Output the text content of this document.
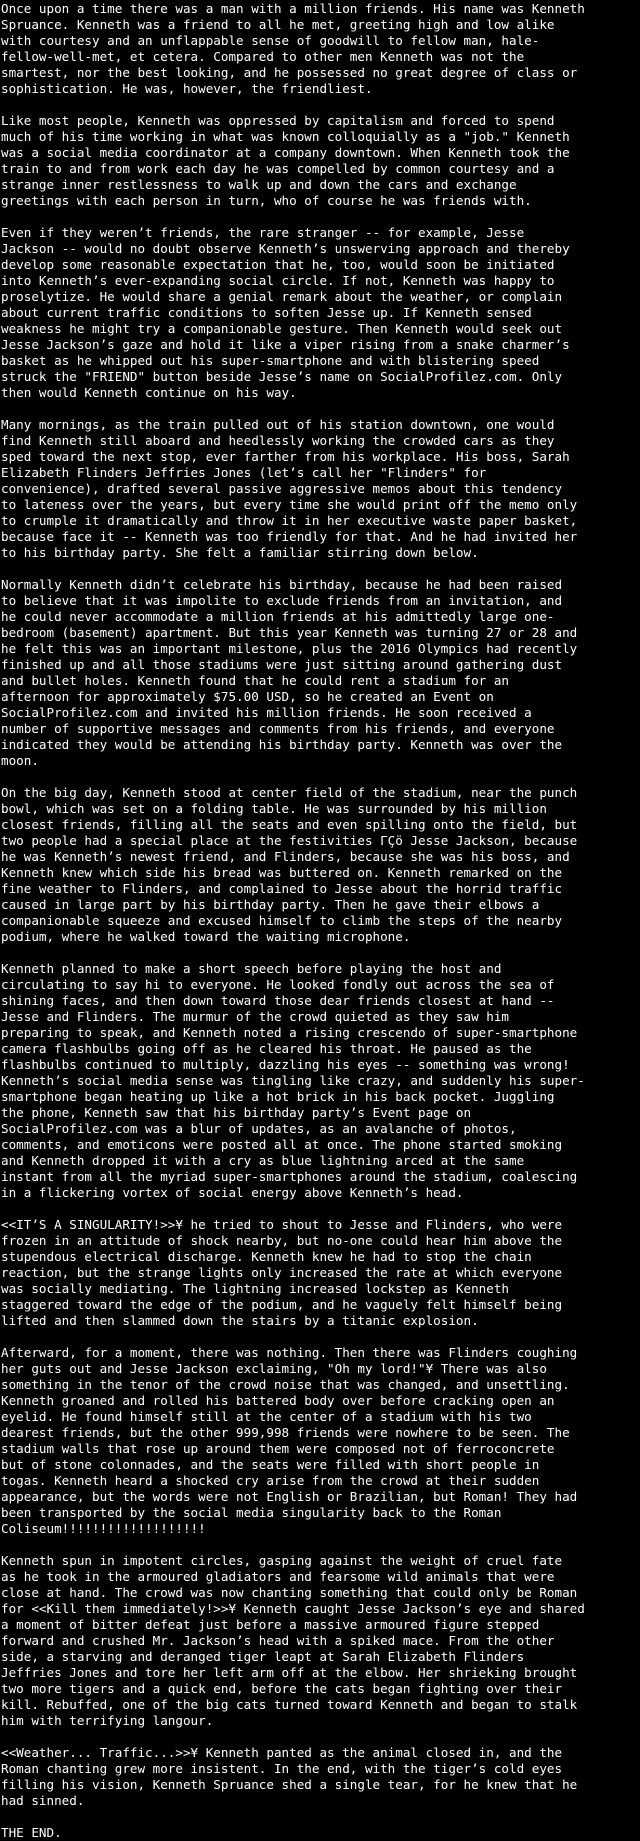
Once upon a time there was a man with a million friends. His name was Kenneth
Spruance. Kenneth was a friend to all he met, greeting high and low alike
with courtesy and an unflappable sense of goodwill to fellow man, hale-
fellow-well-met, et cetera. Compared to other men Kenneth was not the
smartest, nor the best looking, and he possessed no great degree of class or
sophistication. He was, however, the friendliest.

Like most people, Kenneth was oppressed by capitalism and forced to spend
much of his time working in what was known colloquially as a "job." Kenneth
was a social media coordinator at a company downtown. When Kenneth took the
train to and from work each day he was compelled by common courtesy and a
strange inner restlessness to walk up and down the cars and exchange
greetings with each person in turn, who of course he was friends with.

Even if they weren’t friends, the rare stranger -- for example, Jesse
Jackson -- would no doubt observe Kenneth’s unswerving approach and thereby
develop some reasonable expectation that he, too, would soon be initiated
into Kenneth’s ever-expanding social circle. If not, Kenneth was happy to
proselytize. He would share a genial remark about the weather, or complain
about current traffic conditions to soften Jesse up. If Kenneth sensed
weakness he might try a companionable gesture. Then Kenneth would seek out
Jesse Jackson’s gaze and hold it like a viper rising from a snake charmer’s
basket as he whipped out his super-smartphone and with blistering speed
struck the "FRIEND" button beside Jesse’s name on SocialProfilez.com. Only
then would Kenneth continue on his way.

Many mornings, as the train pulled out of his station downtown, one would
find Kenneth still aboard and heedlessly working the crowded cars as they
sped toward the next stop, ever farther from his workplace. His boss, Sarah
Elizabeth Flinders Jeffries Jones (let’s call her "Flinders" for
convenience), drafted several passive aggressive memos about this tendency
to lateness over the years, but every time she would print off the memo only
to crumple it dramatically and throw it in her executive waste paper basket,
because face it -- Kenneth was too friendly for that. And he had invited her
to his birthday party. She felt a familiar stirring down below.

Normally Kenneth didn’t celebrate his birthday, because he had been raised
to believe that it was impolite to exclude friends from an invitation, and
he could never accommodate a million friends at his admittedly large one-
bedroom (basement) apartment. But this year Kenneth was turning 27 or 28 and
he felt this was an important milestone, plus the 2016 Olympics had recently
finished up and all those stadiums were just sitting around gathering dust
and bullet holes. Kenneth found that he could rent a stadium for an
afternoon for approximately $75.00 USD, so he created an Event on
SocialProfilez.com and invited his million friends. He soon received a
number of supportive messages and comments from his friends, and everyone
indicated they would be attending his birthday party. Kenneth was over the
moon.

On the big day, Kenneth stood at center field of the stadium, near the punch
bowl, which was set on a folding table. He was surrounded by his million
closest friends, filling all the seats and even spilling onto the field, but
two people had a special place at the festivities ΓÇö Jesse Jackson, because
he was Kenneth’s newest friend, and Flinders, because she was his boss, and
Kenneth knew which side his bread was buttered on. Kenneth remarked on the
fine weather to Flinders, and complained to Jesse about the horrid traffic
caused in large part by his birthday party. Then he gave their elbows a
companionable squeeze and excused himself to climb the steps of the nearby
podium, where he walked toward the waiting microphone.

Kenneth planned to make a short speech before playing the host and
circulating to say hi to everyone. He looked fondly out across the sea of
shining faces, and then down toward those dear friends closest at hand --
Jesse and Flinders. The murmur of the crowd quieted as they saw him
preparing to speak, and Kenneth noted a rising crescendo of super-smartphone
camera flashbulbs going off as he cleared his throat. He paused as the
flashbulbs continued to multiply, dazzling his eyes -- something was wrong!
Kenneth’s social media sense was tingling like crazy, and suddenly his super-
smartphone began heating up like a hot brick in his back pocket. Juggling
the phone, Kenneth saw that his birthday party’s Event page on
SocialProfilez.com was a blur of updates, as an avalanche of photos,
comments, and emoticons were posted all at once. The phone started smoking
and Kenneth dropped it with a cry as blue lightning arced at the same
instant from all the myriad super-smartphones around the stadium, coalescing
in a flickering vortex of social energy above Kenneth’s head.

<<IT’S A SINGULARITY!>>¥ he tried to shout to Jesse and Flinders, who were
frozen in an attitude of shock nearby, but no-one could hear him above the
stupendous electrical discharge. Kenneth knew he had to stop the chain
reaction, but the strange lights only increased the rate at which everyone
was socially mediating. The lightning increased lockstep as Kenneth
staggered toward the edge of the podium, and he vaguely felt himself being
lifted and then slammed down the stairs by a titanic explosion.

Afterward, for a moment, there was nothing. Then there was Flinders coughing
her guts out and Jesse Jackson exclaiming, "Oh my lord!"¥ There was also
something in the tenor of the crowd noise that was changed, and unsettling.
Kenneth groaned and rolled his battered body over before cracking open an
eyelid. He found himself still at the center of a stadium with his two
dearest friends, but the other 999,998 friends were nowhere to be seen. The
stadium walls that rose up around them were composed not of ferroconcrete
but of stone colonnades, and the seats were filled with short people in
togas. Kenneth heard a shocked cry arise from the crowd at their sudden
appearance, but the words were not English or Brazilian, but Roman! They had
been transported by the social media singularity back to the Roman
Coliseum!!!!!!!!!!!!!!!!!!!

Kenneth spun in impotent circles, gasping against the weight of cruel fate
as he took in the armoured gladiators and fearsome wild animals that were
close at hand. The crowd was now chanting something that could only be Roman
for <<Kill them immediately!>>¥ Kenneth caught Jesse Jackson’s eye and shared
a moment of bitter defeat just before a massive armoured figure stepped
forward and crushed Mr. Jackson’s head with a spiked mace. From the other
side, a starving and deranged tiger leapt at Sarah Elizabeth Flinders
Jeffries Jones and tore her left arm off at the elbow. Her shrieking brought
two more tigers and a quick end, before the cats began fighting over their
kill. Rebuffed, one of the big cats turned toward Kenneth and began to stalk
him with terrifying langour.

<<Weather... Traffic...>>¥ Kenneth panted as the animal closed in, and the
Roman chanting grew more insistent. In the end, with the tiger’s cold eyes
filling his vision, Kenneth Spruance shed a single tear, for he knew that he
had sinned.

THE END.
